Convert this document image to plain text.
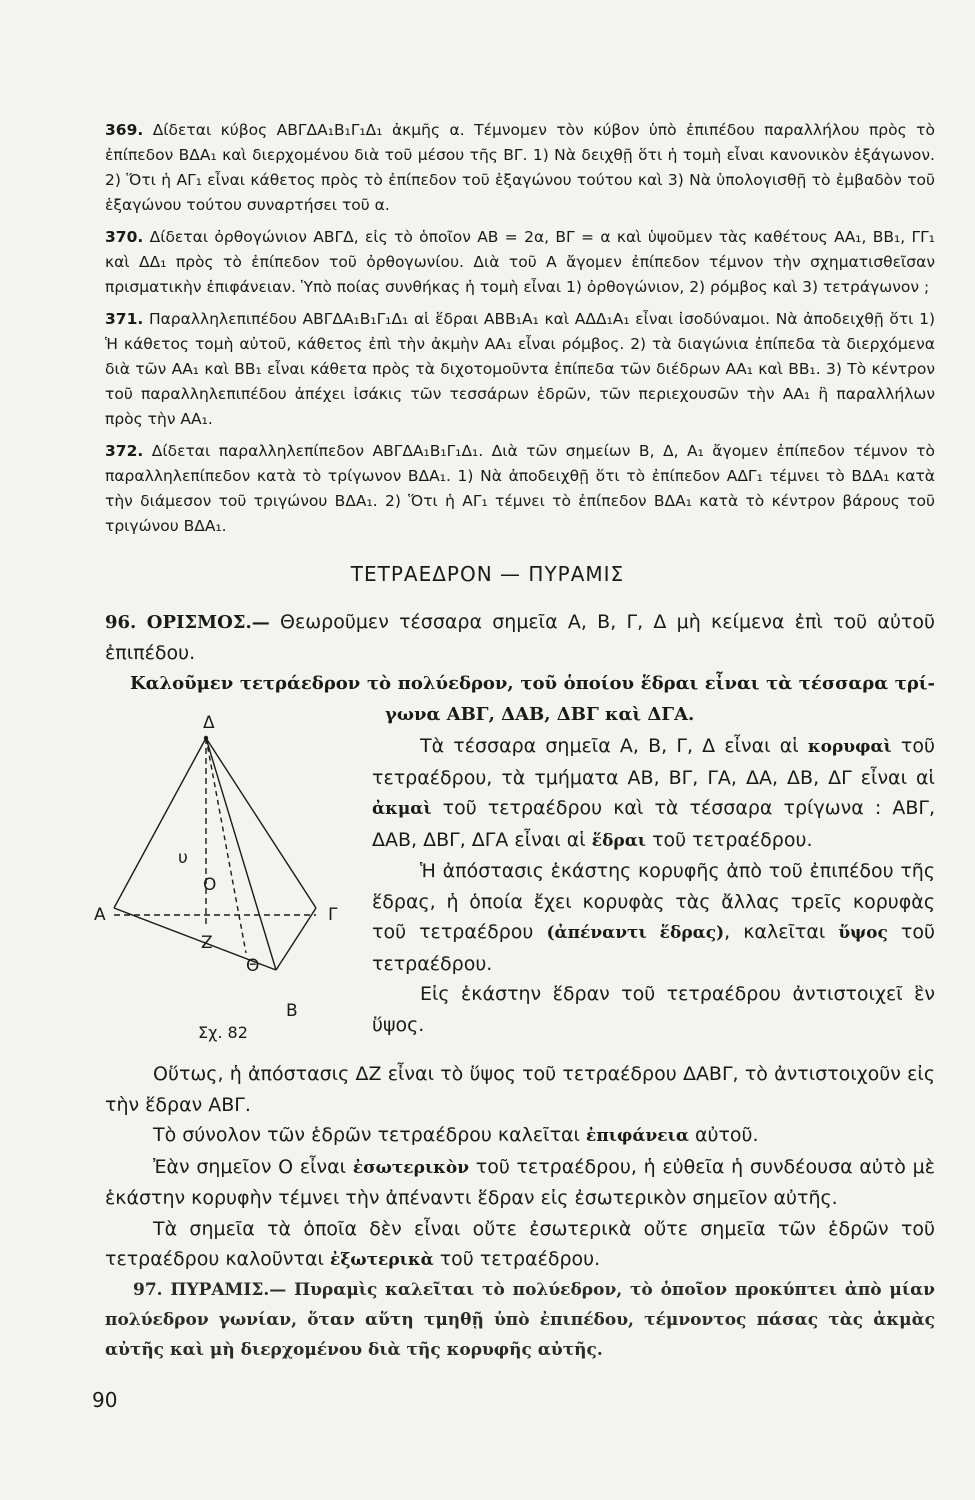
369. Δίδεται κύβος ΑΒΓΔΑ₁Β₁Γ₁Δ₁ ἀκμῆς α. Τέμνομεν τὸν κύβον ὑπὸ ἐπιπέδου παραλλήλου πρὸς τὸ ἐπίπεδον ΒΔΑ₁ καὶ διερχομένου διὰ τοῦ μέσου τῆς ΒΓ. 1) Νὰ δειχθῇ ὅτι ἡ τομὴ εἶναι κανονικὸν ἑξάγωνον. 2) Ὅτι ἡ ΑΓ₁ εἶναι κάθετος πρὸς τὸ ἐπίπεδον τοῦ ἑξαγώνου τούτου καὶ 3) Νὰ ὑπολογισθῇ τὸ ἐμβαδὸν τοῦ ἑξαγώνου τούτου συναρτήσει τοῦ α.

370. Δίδεται ὀρθογώνιον ΑΒΓΔ, εἰς τὸ ὁποῖον ΑΒ = 2α, ΒΓ = α καὶ ὑψοῦμεν τὰς καθέτους ΑΑ₁, ΒΒ₁, ΓΓ₁ καὶ ΔΔ₁ πρὸς τὸ ἐπίπεδον τοῦ ὀρθογωνίου. Διὰ τοῦ Α ἄγομεν ἐπίπεδον τέμνον τὴν σχηματισθεῖσαν πρισματικὴν ἐπιφάνειαν. Ὑπὸ ποίας συνθήκας ἡ τομὴ εἶναι 1) ὀρθογώνιον, 2) ρόμβος καὶ 3) τετράγωνον ;

371. Παραλληλεπιπέδου ΑΒΓΔΑ₁Β₁Γ₁Δ₁ αἱ ἕδραι ΑΒΒ₁Α₁ καὶ ΑΔΔ₁Α₁ εἶναι ἰσοδύναμοι. Νὰ ἀποδειχθῇ ὅτι 1) Ἡ κάθετος τομὴ αὐτοῦ, κάθετος ἐπὶ τὴν ἀκμὴν ΑΑ₁ εἶναι ρόμβος. 2) τὰ διαγώνια ἐπίπεδα τὰ διερχόμενα διὰ τῶν ΑΑ₁ καὶ ΒΒ₁ εἶναι κάθετα πρὸς τὰ διχοτομοῦντα ἐπίπεδα τῶν διέδρων ΑΑ₁ καὶ ΒΒ₁. 3) Τὸ κέντρον τοῦ παραλληλεπιπέδου ἀπέχει ἰσάκις τῶν τεσσάρων ἑδρῶν, τῶν περιεχουσῶν τὴν ΑΑ₁ ἢ παραλλήλων πρὸς τὴν ΑΑ₁.

372. Δίδεται παραλληλεπίπεδον ΑΒΓΔΑ₁Β₁Γ₁Δ₁. Διὰ τῶν σημείων Β, Δ, Α₁ ἄγομεν ἐπίπεδον τέμνον τὸ παραλληλεπίπεδον κατὰ τὸ τρίγωνον ΒΔΑ₁. 1) Νὰ ἀποδειχθῇ ὅτι τὸ ἐπίπεδον ΑΔΓ₁ τέμνει τὸ ΒΔΑ₁ κατὰ τὴν διάμεσον τοῦ τριγώνου ΒΔΑ₁. 2) Ὅτι ἡ ΑΓ₁ τέμνει τὸ ἐπίπεδον ΒΔΑ₁ κατὰ τὸ κέντρον βάρους τοῦ τριγώνου ΒΔΑ₁.

ΤΕΤΡΑΕΔΡΟΝ — ΠΥΡΑΜΙΣ

96. ΟΡΙΣΜΟΣ.— Θεωροῦμεν τέσσαρα σημεῖα Α, Β, Γ, Δ μὴ κείμενα ἐπὶ τοῦ αὐτοῦ ἐπιπέδου.

Καλοῦμεν τετράεδρον τὸ πολύεδρον, τοῦ ὁποίου ἕδραι εἶναι τὰ τέσσαρα τρί-
γωνα ΑΒΓ, ΔΑΒ, ΔΒΓ καὶ ΔΓΑ.
Δ
Α	Γ
Β
Ο
Ζ
Θ
υ
Σχ. 82

Τὰ τέσσαρα σημεῖα Α, Β, Γ, Δ εἶναι αἱ κορυφαὶ τοῦ τετραέδρου, τὰ τμήματα ΑΒ, ΒΓ, ΓΑ, ΔΑ, ΔΒ, ΔΓ εἶναι αἱ ἀκμαὶ τοῦ τετραέδρου καὶ τὰ τέσσαρα τρίγωνα : ΑΒΓ, ΔΑΒ, ΔΒΓ, ΔΓΑ εἶναι αἱ ἕδραι τοῦ τετραέδρου.

Ἡ ἀπόστασις ἑκάστης κορυφῆς ἀπὸ τοῦ ἐπιπέδου τῆς ἕδρας, ἡ ὁποία ἔχει κορυφὰς τὰς ἄλλας τρεῖς κορυφὰς τοῦ τετραέδρου (ἀπέναντι ἕδρας), καλεῖται ὕψος τοῦ τετραέδρου.

Εἰς ἑκάστην ἕδραν τοῦ τετραέδρου ἀντιστοιχεῖ ἓν ὕψος.

Οὕτως, ἡ ἀπόστασις ΔΖ εἶναι τὸ ὕψος τοῦ τετραέδρου ΔΑΒΓ, τὸ ἀντιστοιχοῦν εἰς τὴν ἕδραν ΑΒΓ.

Τὸ σύνολον τῶν ἑδρῶν τετραέδρου καλεῖται ἐπιφάνεια αὐτοῦ.

Ἐὰν σημεῖον Ο εἶναι ἐσωτερικὸν τοῦ τετραέδρου, ἡ εὐθεῖα ἡ συνδέουσα αὐτὸ μὲ ἑκάστην κορυφὴν τέμνει τὴν ἀπέναντι ἕδραν εἰς ἐσωτερικὸν σημεῖον αὐτῆς.

Τὰ σημεῖα τὰ ὁποῖα δὲν εἶναι οὔτε ἐσωτερικὰ οὔτε σημεῖα τῶν ἑδρῶν τοῦ τετραέδρου καλοῦνται ἐξωτερικὰ τοῦ τετραέδρου.

97. ΠΥΡΑΜΙΣ.— Πυραμὶς καλεῖται τὸ πολύεδρον, τὸ ὁποῖον προκύπτει ἀπὸ μίαν πολύεδρον γωνίαν, ὅταν αὕτη τμηθῇ ὑπὸ ἐπιπέδου, τέμνοντος πάσας τὰς ἀκμὰς αὐτῆς καὶ μὴ διερχομένου διὰ τῆς κορυφῆς αὐτῆς.

90
